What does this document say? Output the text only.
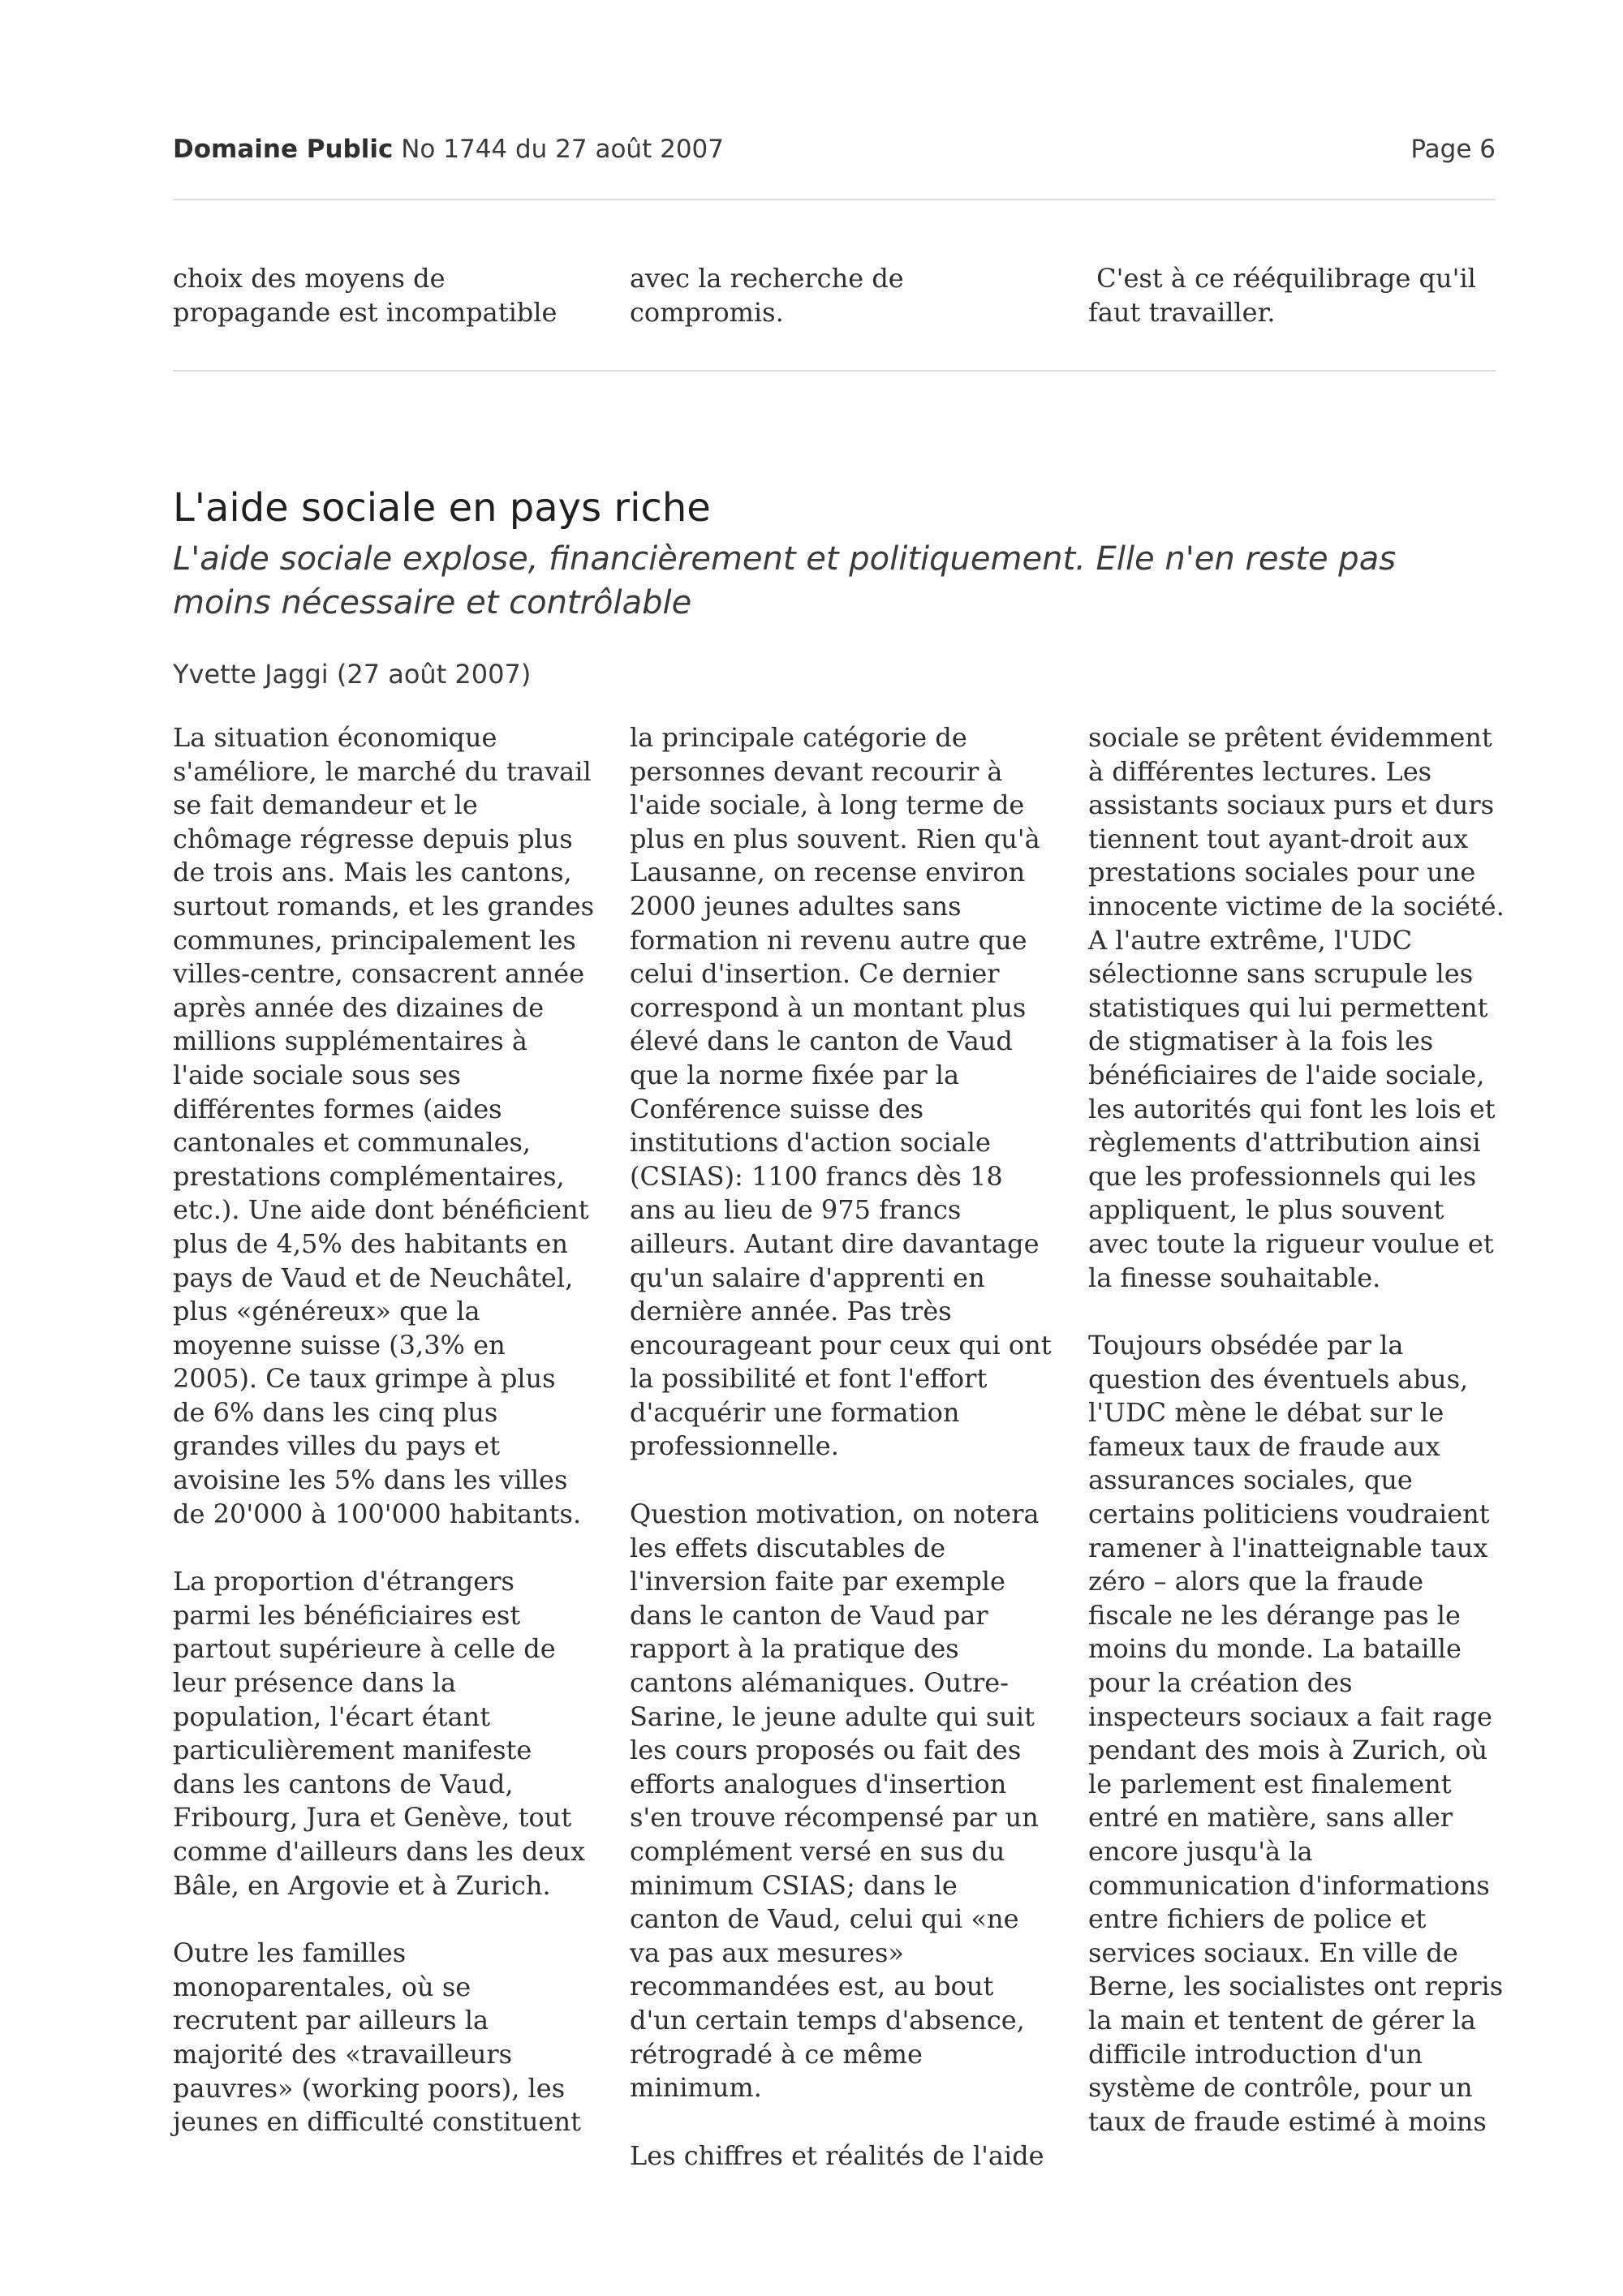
Domaine Public No 1744 du 27 août 2007	Page 6

choix des moyens de propagande est incompatible

avec la recherche de compromis.

C'est à ce rééquilibrage qu'il faut travailler.

L'aide sociale en pays riche
L'aide sociale explose, financièrement et politiquement. Elle n'en reste pas moins nécessaire et contrôlable
Yvette Jaggi (27 août 2007)

La situation économique s'améliore, le marché du travail se fait demandeur et le chômage régresse depuis plus de trois ans. Mais les cantons, surtout romands, et les grandes communes, principalement les villes-centre, consacrent année après année des dizaines de millions supplémentaires à l'aide sociale sous ses différentes formes (aides cantonales et communales, prestations complémentaires, etc.). Une aide dont bénéficient plus de 4,5% des habitants en pays de Vaud et de Neuchâtel, plus «généreux» que la moyenne suisse (3,3% en 2005). Ce taux grimpe à plus de 6% dans les cinq plus grandes villes du pays et avoisine les 5% dans les villes de 20'000 à 100'000 habitants.

La proportion d'étrangers parmi les bénéficiaires est partout supérieure à celle de leur présence dans la population, l'écart étant particulièrement manifeste dans les cantons de Vaud, Fribourg, Jura et Genève, tout comme d'ailleurs dans les deux Bâle, en Argovie et à Zurich.

Outre les familles monoparentales, où se recrutent par ailleurs la majorité des «travailleurs pauvres» (working poors), les jeunes en difficulté constituent

la principale catégorie de personnes devant recourir à l'aide sociale, à long terme de plus en plus souvent. Rien qu'à Lausanne, on recense environ 2000 jeunes adultes sans formation ni revenu autre que celui d'insertion. Ce dernier correspond à un montant plus élevé dans le canton de Vaud que la norme fixée par la Conférence suisse des institutions d'action sociale (CSIAS): 1100 francs dès 18 ans au lieu de 975 francs ailleurs. Autant dire davantage qu'un salaire d'apprenti en dernière année. Pas très encourageant pour ceux qui ont la possibilité et font l'effort d'acquérir une formation professionnelle.

Question motivation, on notera les effets discutables de l'inversion faite par exemple dans le canton de Vaud par rapport à la pratique des cantons alémaniques. Outre-Sarine, le jeune adulte qui suit les cours proposés ou fait des efforts analogues d'insertion s'en trouve récompensé par un complément versé en sus du minimum CSIAS; dans le canton de Vaud, celui qui «ne va pas aux mesures» recommandées est, au bout d'un certain temps d'absence, rétrogradé à ce même minimum.

Les chiffres et réalités de l'aide

sociale se prêtent évidemment à différentes lectures. Les assistants sociaux purs et durs tiennent tout ayant-droit aux prestations sociales pour une innocente victime de la société. A l'autre extrême, l'UDC sélectionne sans scrupule les statistiques qui lui permettent de stigmatiser à la fois les bénéficiaires de l'aide sociale, les autorités qui font les lois et règlements d'attribution ainsi que les professionnels qui les appliquent, le plus souvent avec toute la rigueur voulue et la finesse souhaitable.

Toujours obsédée par la question des éventuels abus, l'UDC mène le débat sur le fameux taux de fraude aux assurances sociales, que certains politiciens voudraient ramener à l'inatteignable taux zéro – alors que la fraude fiscale ne les dérange pas le moins du monde. La bataille pour la création des inspecteurs sociaux a fait rage pendant des mois à Zurich, où le parlement est finalement entré en matière, sans aller encore jusqu'à la communication d'informations entre fichiers de police et services sociaux. En ville de Berne, les socialistes ont repris la main et tentent de gérer la difficile introduction d'un système de contrôle, pour un taux de fraude estimé à moins
